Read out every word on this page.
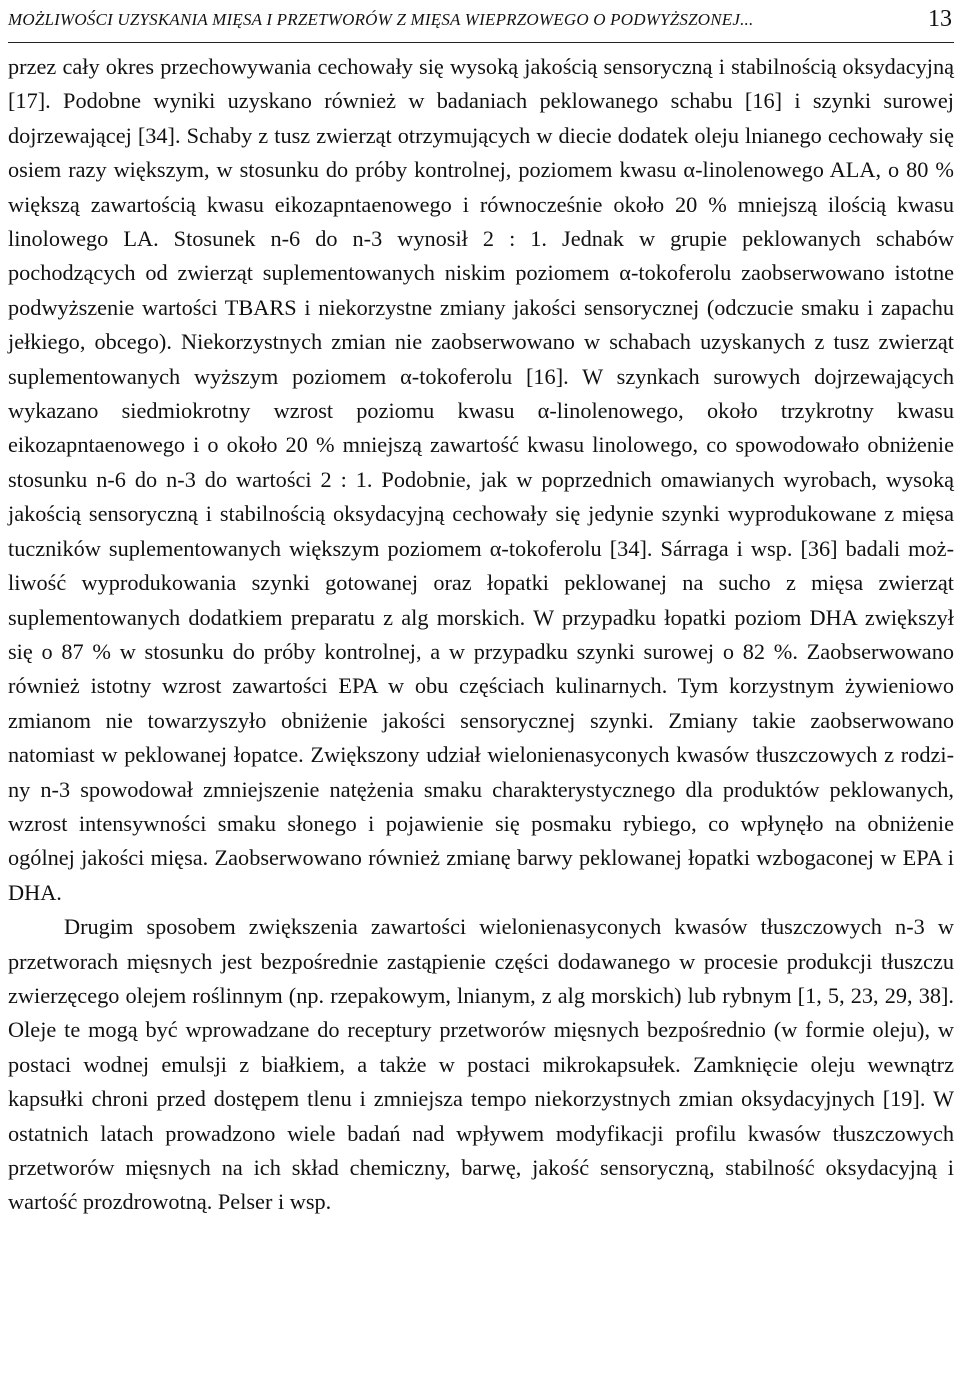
MOŻLIWOŚCI UZYSKANIA MIĘSA I PRZETWORÓW Z MIĘSA WIEPRZOWEGO O PODWYŻSZONEJ...	13

przez cały okres przechowywania cechowały się wysoką jakością sensoryczną i stabilnością oksydacyjną [17]. Podobne wyniki uzyskano również w badaniach peklowanego schabu [16] i szynki surowej dojrzewającej [34]. Schaby z tusz zwierząt otrzymujących w diecie dodatek oleju lnianego cechowały się osiem razy większym, w stosunku do próby kontrolnej, poziomem kwasu α-linolenowego ALA, o 80 % większą zawartością kwasu eikozapntaenowego i równocześnie około 20 % mniejszą ilością kwasu linolowego LA. Stosunek n-6 do n-3 wynosił 2 : 1. Jednak w grupie peklowanych schabów pochodzących od zwierząt suplementowanych niskim poziomem α-tokoferolu zaobserwowano istotne podwyższenie wartości TBARS i niekorzystne zmiany jakości sensorycznej (odczucie smaku i zapachu jełkiego, obcego). Niekorzystnych zmian nie zaobserwowano w schabach uzyskanych z tusz zwierząt suplementowanych wyższym poziomem α-tokoferolu [16]. W szynkach surowych dojrzewających wykazano siedmiokrotny wzrost poziomu kwasu α-linolenowego, około trzykrotny kwasu eikozapntaenowego i o około 20 % mniejszą zawartość kwasu linolowego, co spowodowało obniżenie stosunku n-6 do n-3 do wartości 2 : 1. Podobnie, jak w poprzednich omawianych wyrobach, wysoką jakością sensoryczną i stabilnością oksydacyjną cechowały się jedynie szynki wyprodukowane z mięsa tuczników suplementowanych większym poziomem α-tokoferolu [34]. Sárraga i wsp. [36] badali możliwość wyprodukowania szynki gotowanej oraz łopatki peklowanej na sucho z mięsa zwierząt suplementowanych dodatkiem preparatu z alg morskich. W przypadku łopatki poziom DHA zwiększył się o 87 % w stosunku do próby kontrolnej, a w przypadku szynki surowej o 82 %. Zaobserwowano również istotny wzrost zawartości EPA w obu częściach kulinarnych. Tym korzystnym żywieniowo zmianom nie towarzyszyło obniżenie jakości sensorycznej szynki. Zmiany takie zaobserwowano natomiast w peklowanej łopatce. Zwiększony udział wielonienasyconych kwasów tłuszczowych z rodziny n-3 spowodował zmniejszenie natężenia smaku charakterystycznego dla produktów peklowanych, wzrost intensywności smaku słonego i pojawienie się posmaku rybiego, co wpłynęło na obniżenie ogólnej jakości mięsa. Zaobserwowano również zmianę barwy peklowanej łopatki wzbogaconej w EPA i DHA.

Drugim sposobem zwiększenia zawartości wielonienasyconych kwasów tłuszczowych n-3 w przetworach mięsnych jest bezpośrednie zastąpienie części dodawanego w procesie produkcji tłuszczu zwierzęcego olejem roślinnym (np. rzepakowym, lnianym, z alg morskich) lub rybnym [1, 5, 23, 29, 38]. Oleje te mogą być wprowadzane do receptury przetworów mięsnych bezpośrednio (w formie oleju), w postaci wodnej emulsji z białkiem, a także w postaci mikrokapsułek. Zamknięcie oleju wewnątrz kapsułki chroni przed dostępem tlenu i zmniejsza tempo niekorzystnych zmian oksydacyjnych [19]. W ostatnich latach prowadzono wiele badań nad wpływem modyfikacji profilu kwasów tłuszczowych przetworów mięsnych na ich skład chemiczny, barwę, jakość sensoryczną, stabilność oksydacyjną i wartość prozdrowotną. Pelser i wsp.
